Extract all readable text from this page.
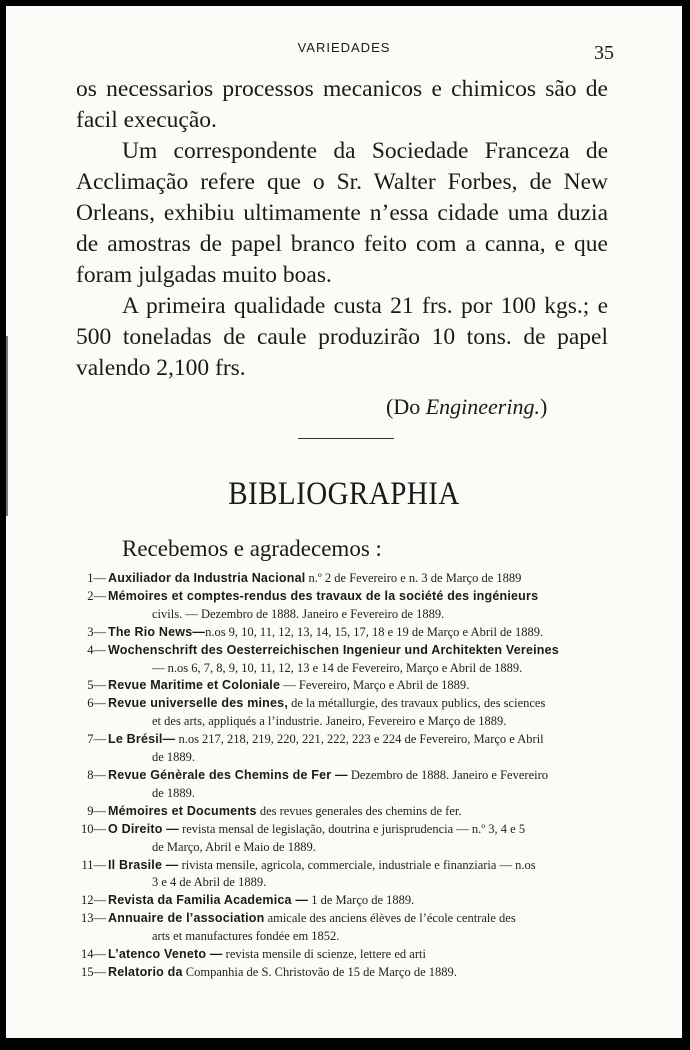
VARIEDADES	35

os necessarios processos mecanicos e chimicos são de facil execução.

Um correspondente da Sociedade Franceza de Acclimação refere que o Sr. Walter Forbes, de New Orleans, exhibiu ultimamente n’essa cidade uma duzia de amostras de papel branco feito com a canna, e que foram julgadas muito boas.

A primeira qualidade custa 21 frs. por 100 kgs.; e 500 toneladas de caule produzirão 10 tons. de papel valendo 2,100 frs.

(Do Engineering.)
BIBLIOGRAPHIA
Recebemos e agradecemos :
1— Auxiliador da Industria Nacional n.º 2 de Fevereiro e n. 3 de Março de 1889
2— Mémoires et comptes-rendus des travaux de la société des ingénieurs
civils. — Dezembro de 1888. Janeiro e Fevereiro de 1889.
3— The Rio News—n.os 9, 10, 11, 12, 13, 14, 15, 17, 18 e 19 de Março e Abril de 1889.
4— Wochenschrift des Oesterreichischen Ingenieur und Architekten Vereines
— n.os 6, 7, 8, 9, 10, 11, 12, 13 e 14 de Fevereiro, Março e Abril de 1889.
5— Revue Maritime et Coloniale — Fevereiro, Março e Abril de 1889.
6— Revue universelle des mines, de la métallurgie, des travaux publics, des sciences
et des arts, appliqués a l’industrie. Janeiro, Fevereiro e Março de 1889.
7— Le Brésil— n.os 217, 218, 219, 220, 221, 222, 223 e 224 de Fevereiro, Março e Abril
de 1889.
8— Revue Génèrale des Chemins de Fer — Dezembro de 1888. Janeiro e Fevereiro
de 1889.
9— Mémoires et Documents des revues generales des chemins de fer.
10— O Direito — revista mensal de legislação, doutrina e jurisprudencia — n.º 3, 4 e 5
de Março, Abril e Maio de 1889.
11— Il Brasile — rivista mensile, agricola, commerciale, industriale e finanziaria — n.os
3 e 4 de Abril de 1889.
12— Revista da Familia Academica — 1 de Março de 1889.
13— Annuaire de l’association amicale des anciens élèves de l’école centrale des
arts et manufactures fondée em 1852.
14— L’atenco Veneto — revista mensile di scienze, lettere ed arti
15— Relatorio da Companhia de S. Christovão de 15 de Março de 1889.
